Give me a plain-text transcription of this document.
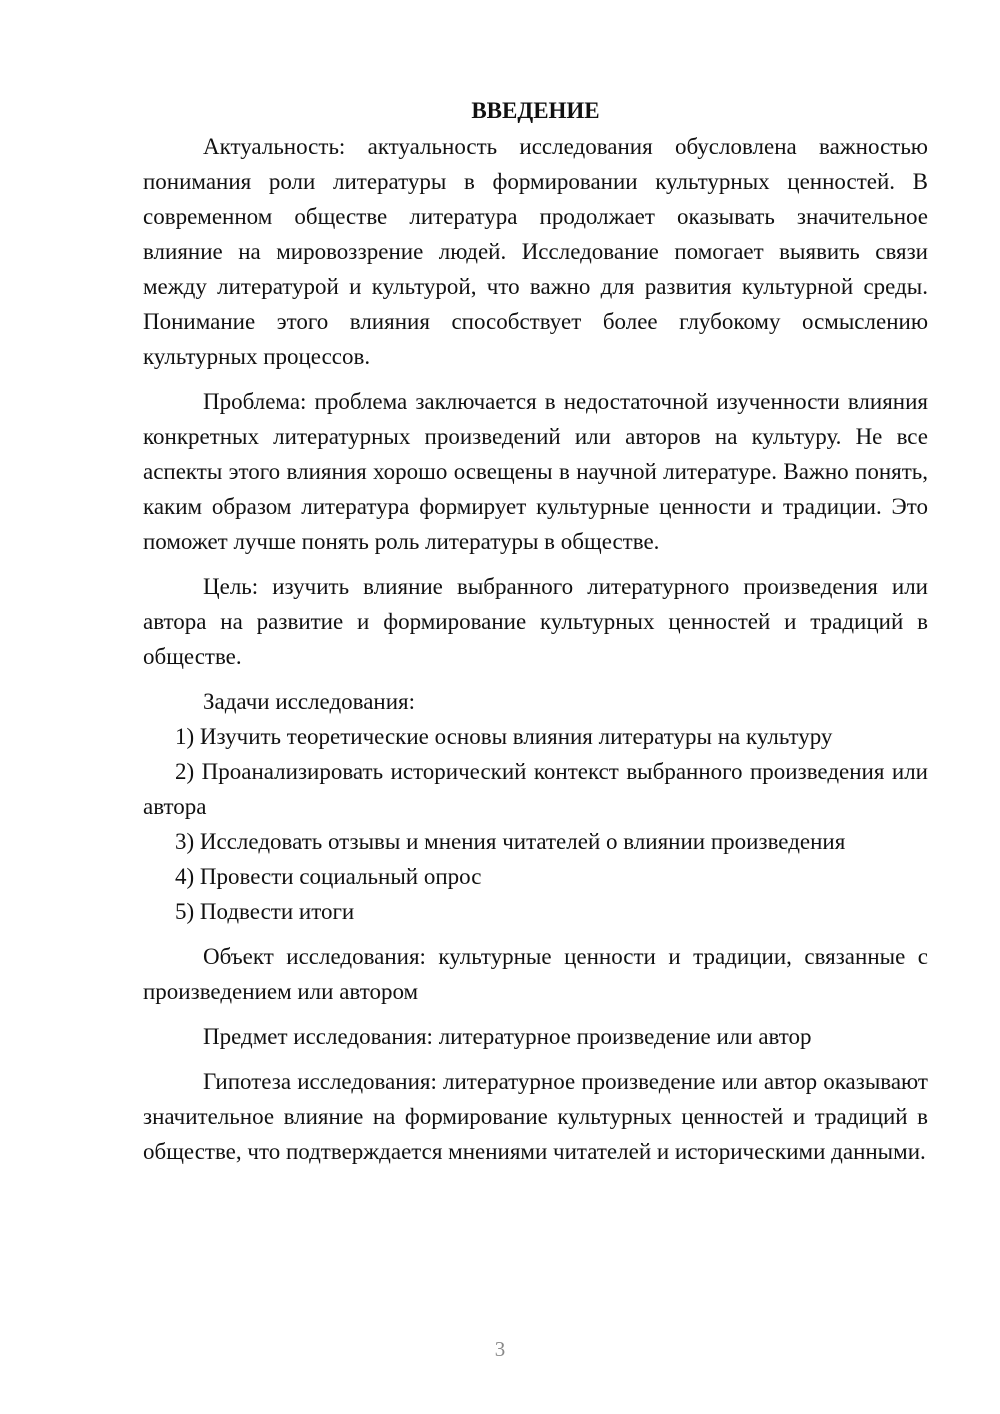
ВВЕДЕНИЕ

Актуальность: актуальность исследования обусловлена важностью понимания роли литературы в формировании культурных ценностей. В современном обществе литература продолжает оказывать значительное влияние на мировоззрение людей. Исследование помогает выявить связи между литературой и культурой, что важно для развития культурной среды. Понимание этого влияния способствует более глубокому осмыслению культурных процессов.

Проблема: проблема заключается в недостаточной изученности влияния конкретных литературных произведений или авторов на культуру. Не все аспекты этого влияния хорошо освещены в научной литературе. Важно понять, каким образом литература формирует культурные ценности и традиции. Это поможет лучше понять роль литературы в обществе.

Цель: изучить влияние выбранного литературного произведения или автора на развитие и формирование культурных ценностей и традиций в обществе.

Задачи исследования:

1) Изучить теоретические основы влияния литературы на культуру

2) Проанализировать исторический контекст выбранного произведения или автора

3) Исследовать отзывы и мнения читателей о влиянии произведения

4) Провести социальный опрос

5) Подвести итоги

Объект исследования: культурные ценности и традиции, связанные с произведением или автором

Предмет исследования: литературное произведение или автор

Гипотеза исследования: литературное произведение или автор оказывают значительное влияние на формирование культурных ценностей и традиций в обществе, что подтверждается мнениями читателей и историческими данными.

3
